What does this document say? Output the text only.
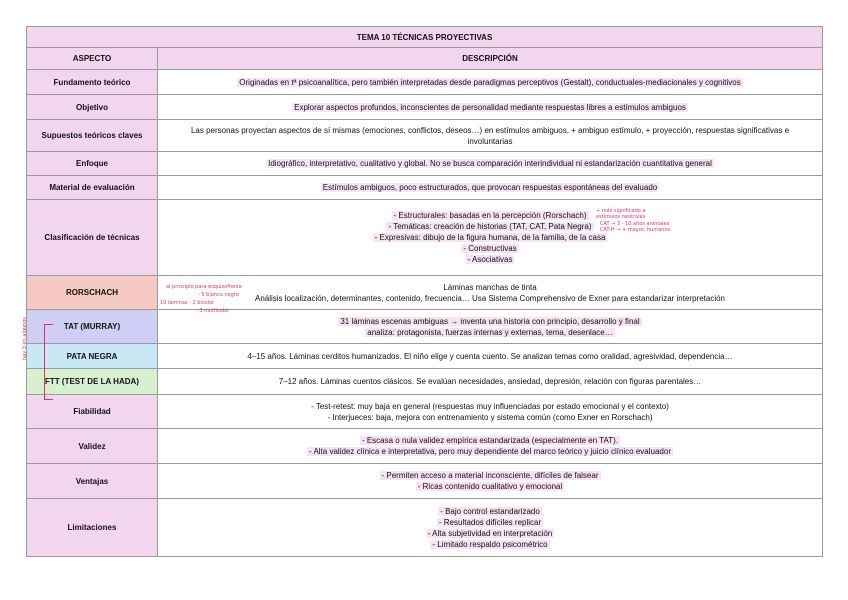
TEMA 10 TÉCNICAS PROYECTIVAS	
ASPECTO	DESCRIPCIÓN
Fundamento teórico	Originadas en tª psicoanalítica, pero también interpretadas desde paradigmas perceptivos (Gestalt), conductuales-mediacionales y cognitivos
Objetivo	Explorar aspectos profundos, inconscientes de personalidad mediante respuestas libres a estímulos ambiguos
Supuestos teóricos claves	Las personas proyectan aspectos de sí mismas (emociones, conflictos, deseos…) en estímulos ambiguos, + ambiguo estímulo, + proyección, respuestas significativas e
involuntarias

Enfoque	Idiográfico, interpretativo, cualitativo y global. No se busca comparación interindividual ni estandarización cuantitativa general
Material de evaluación	Estímulos ambiguos, poco estructurados, que provocan respuestas espontáneas del evaluado
Clasificación de técnicas	- Estructurales: basadas en la percepción (Rorschach)
- Temáticas: creación de historias (TAT, CAT, Pata Negra)
- Expresivas: dibujo de la figura humana, de la familia, de la casa
- Constructivas
- Asociativas

RORSCHACH	Láminas manchas de tinta
Análisis localización, determinantes, contenido, frecuencia… Usa Sistema Comprehensivo de Exner para estandarizar interpretación

TAT (MURRAY)	31 láminas escenas ambiguas → inventa una historia con principio, desarrollo y final
analiza: protagonista, fuerzas internas y externas, tema, desenlace…

PATA NEGRA	4–15 años. Láminas cerditos humanizados. El niño elige y cuenta cuento. Se analizan temas como oralidad, agresividad, dependencia…
FTT (TEST DE LA HADA)	7–12 años. Láminas cuentos clásicos. Se evalúan necesidades, ansiedad, depresión, relación con figuras parentales…
Fiabilidad	- Test-retest: muy baja en general (respuestas muy influenciadas por estado emocional y el contexto)
- Interjueces: baja, mejora con entrenamiento y sistema común (como Exner en Rorschach)

Validez	- Escasa o nula validez empírica estandarizada (especialmente en TAT).
- Alta validez clínica e interpretativa, pero muy dependiente del marco teórico y juicio clínico evaluador

Ventajas	- Permiten acceso a material inconsciente, difíciles de falsear
- Ricas contenido cualitativo y emocional

Limitaciones	- Bajo control estandarizado
- Resultados difíciles replicar
- Alta subjetividad en interpretación
- Limitado respaldo psicométrico
al principio para esquizofrenia
- 5 blanco negro
10 láminas - 2 bicolor
- 3 multicolor
+ más significado a
estímulos neutrales
CAT → 3 - 10 años animales
CAT-H → + mayor, humanos
hay 3 en algunos
